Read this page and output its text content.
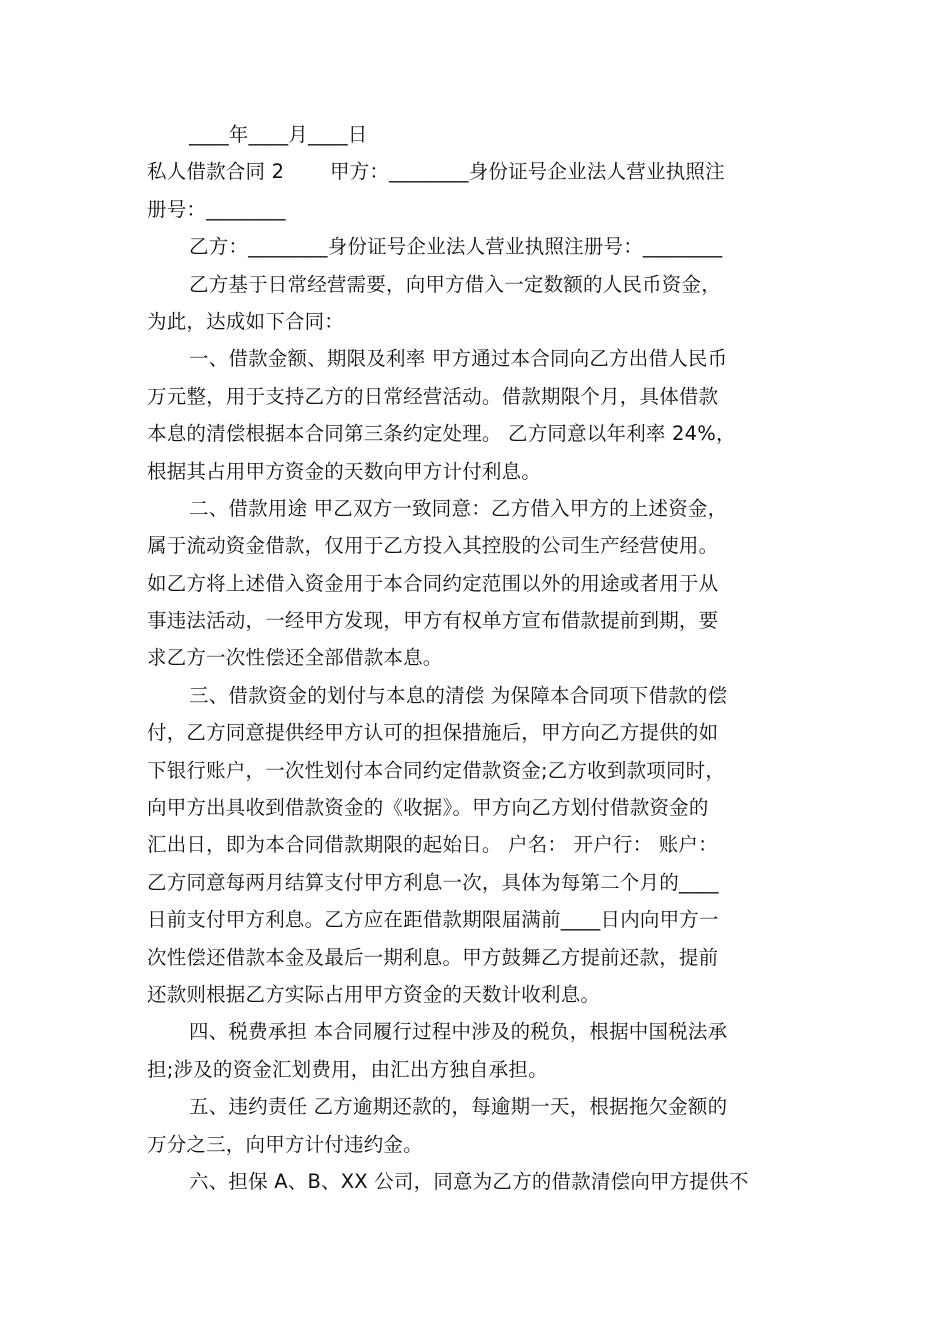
____年____月____日
私人借款合同 2　　 甲方：________身份证号企业法人营业执照注
册号：________
乙方：________身份证号企业法人营业执照注册号：________
乙方基于日常经营需要，向甲方借入一定数额的人民币资金，
为此，达成如下合同：
一、借款金额、期限及利率 甲方通过本合同向乙方出借人民币
万元整，用于支持乙方的日常经营活动。借款期限个月，具体借款
本息的清偿根据本合同第三条约定处理。 乙方同意以年利率 24%，
根据其占用甲方资金的天数向甲方计付利息。
二、借款用途 甲乙双方一致同意：乙方借入甲方的上述资金，
属于流动资金借款，仅用于乙方投入其控股的公司生产经营使用。
如乙方将上述借入资金用于本合同约定范围以外的用途或者用于从
事违法活动，一经甲方发现，甲方有权单方宣布借款提前到期，要
求乙方一次性偿还全部借款本息。
三、借款资金的划付与本息的清偿 为保障本合同项下借款的偿
付，乙方同意提供经甲方认可的担保措施后，甲方向乙方提供的如
下银行账户，一次性划付本合同约定借款资金;乙方收到款项同时，
向甲方出具收到借款资金的《收据》。甲方向乙方划付借款资金的
汇出日，即为本合同借款期限的起始日。 户名： 开户行： 账户：
乙方同意每两月结算支付甲方利息一次，具体为每第二个月的____
日前支付甲方利息。乙方应在距借款期限届满前____日内向甲方一
次性偿还借款本金及最后一期利息。甲方鼓舞乙方提前还款，提前
还款则根据乙方实际占用甲方资金的天数计收利息。
四、税费承担 本合同履行过程中涉及的税负，根据中国税法承
担;涉及的资金汇划费用，由汇出方独自承担。
五、违约责任 乙方逾期还款的，每逾期一天，根据拖欠金额的
万分之三，向甲方计付违约金。
六、担保 A、B、XX 公司，同意为乙方的借款清偿向甲方提供不
